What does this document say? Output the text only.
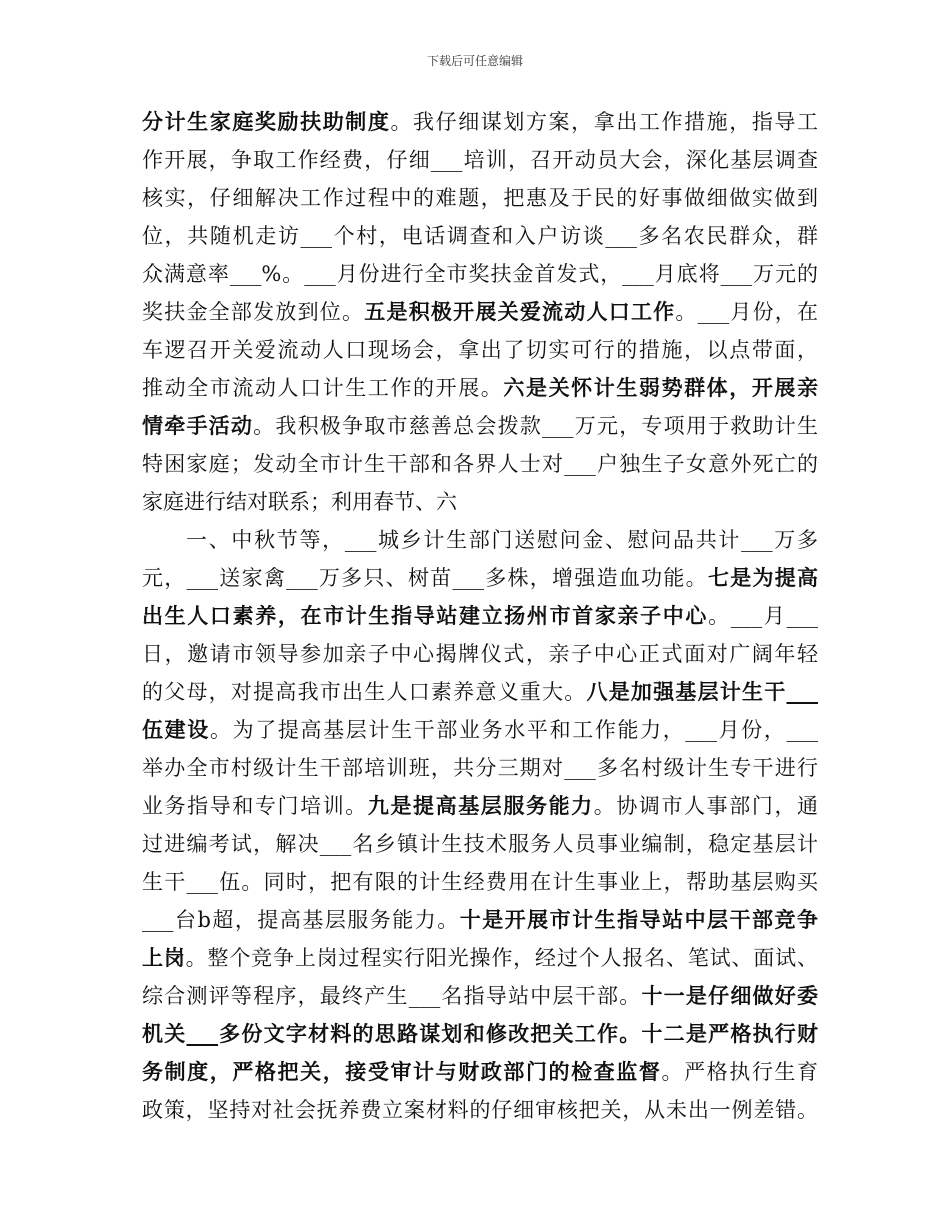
下载后可任意编辑
分计生家庭奖励扶助制度。我仔细谋划方案，拿出工作措施，指导工
作开展，争取工作经费，仔细___培训，召开动员大会，深化基层调查
核实，仔细解决工作过程中的难题，把惠及于民的好事做细做实做到
位，共随机走访___个村，电话调查和入户访谈___多名农民群众，群
众满意率___%。___月份进行全市奖扶金首发式，___月底将___万元的
奖扶金全部发放到位。五是积极开展关爱流动人口工作。___月份，在
车逻召开关爱流动人口现场会，拿出了切实可行的措施，以点带面，
推动全市流动人口计生工作的开展。六是关怀计生弱势群体，开展亲
情牵手活动。我积极争取市慈善总会拨款___万元，专项用于救助计生
特困家庭；发动全市计生干部和各界人士对___户独生子女意外死亡的
家庭进行结对联系；利用春节、六
一、中秋节等，___城乡计生部门送慰问金、慰问品共计___万多
元，___送家禽___万多只、树苗___多株，增强造血功能。七是为提高
出生人口素养，在市计生指导站建立扬州市首家亲子中心。___月___
日，邀请市领导参加亲子中心揭牌仪式，亲子中心正式面对广阔年轻
的父母，对提高我市出生人口素养意义重大。八是加强基层计生干___
伍建设。为了提高基层计生干部业务水平和工作能力，___月份，___
举办全市村级计生干部培训班，共分三期对___多名村级计生专干进行
业务指导和专门培训。九是提高基层服务能力。协调市人事部门，通
过进编考试，解决___名乡镇计生技术服务人员事业编制，稳定基层计
生干___伍。同时，把有限的计生经费用在计生事业上，帮助基层购买
___台b超，提高基层服务能力。十是开展市计生指导站中层干部竞争
上岗。整个竞争上岗过程实行阳光操作，经过个人报名、笔试、面试、
综合测评等程序，最终产生___名指导站中层干部。十一是仔细做好委
机关___多份文字材料的思路谋划和修改把关工作。十二是严格执行财
务制度，严格把关，接受审计与财政部门的检查监督。严格执行生育
政策，坚持对社会抚养费立案材料的仔细审核把关，从未出一例差错。
